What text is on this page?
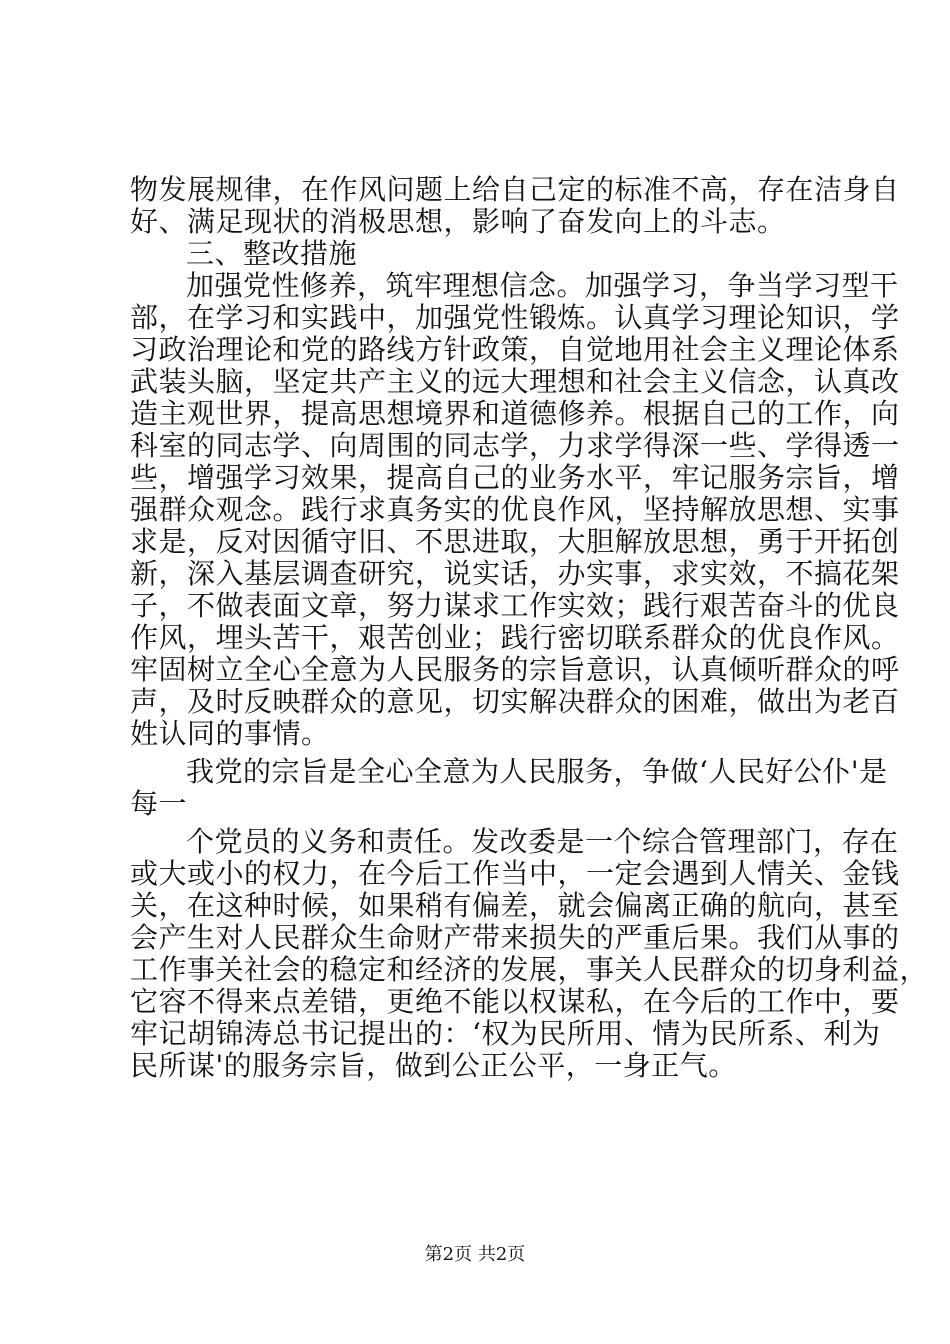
物发展规律，在作风问题上给自己定的标准不高，存在洁身自
好、满足现状的消极思想，影响了奋发向上的斗志。
三、整改措施
加强党性修养，筑牢理想信念。加强学习，争当学习型干
部，在学习和实践中，加强党性锻炼。认真学习理论知识，学
习政治理论和党的路线方针政策，自觉地用社会主义理论体系
武装头脑，坚定共产主义的远大理想和社会主义信念，认真改
造主观世界，提高思想境界和道德修养。根据自己的工作，向
科室的同志学、向周围的同志学，力求学得深一些、学得透一
些，增强学习效果，提高自己的业务水平，牢记服务宗旨，增
强群众观念。践行求真务实的优良作风，坚持解放思想、实事
求是，反对因循守旧、不思进取，大胆解放思想，勇于开拓创
新，深入基层调查研究，说实话，办实事，求实效，不搞花架
子，不做表面文章，努力谋求工作实效；践行艰苦奋斗的优良
作风，埋头苦干，艰苦创业；践行密切联系群众的优良作风。
牢固树立全心全意为人民服务的宗旨意识，认真倾听群众的呼
声，及时反映群众的意见，切实解决群众的困难，做出为老百
姓认同的事情。
我党的宗旨是全心全意为人民服务，争做‘人民好公仆'是
每一
个党员的义务和责任。发改委是一个综合管理部门，存在
或大或小的权力，在今后工作当中，一定会遇到人情关、金钱
关，在这种时候，如果稍有偏差，就会偏离正确的航向，甚至
会产生对人民群众生命财产带来损失的严重后果。我们从事的
工作事关社会的稳定和经济的发展，事关人民群众的切身利益，
它容不得来点差错，更绝不能以权谋私，在今后的工作中，要
牢记胡锦涛总书记提出的：‘权为民所用、情为民所系、利为
民所谋'的服务宗旨，做到公正公平，一身正气。
第2页 共2页
